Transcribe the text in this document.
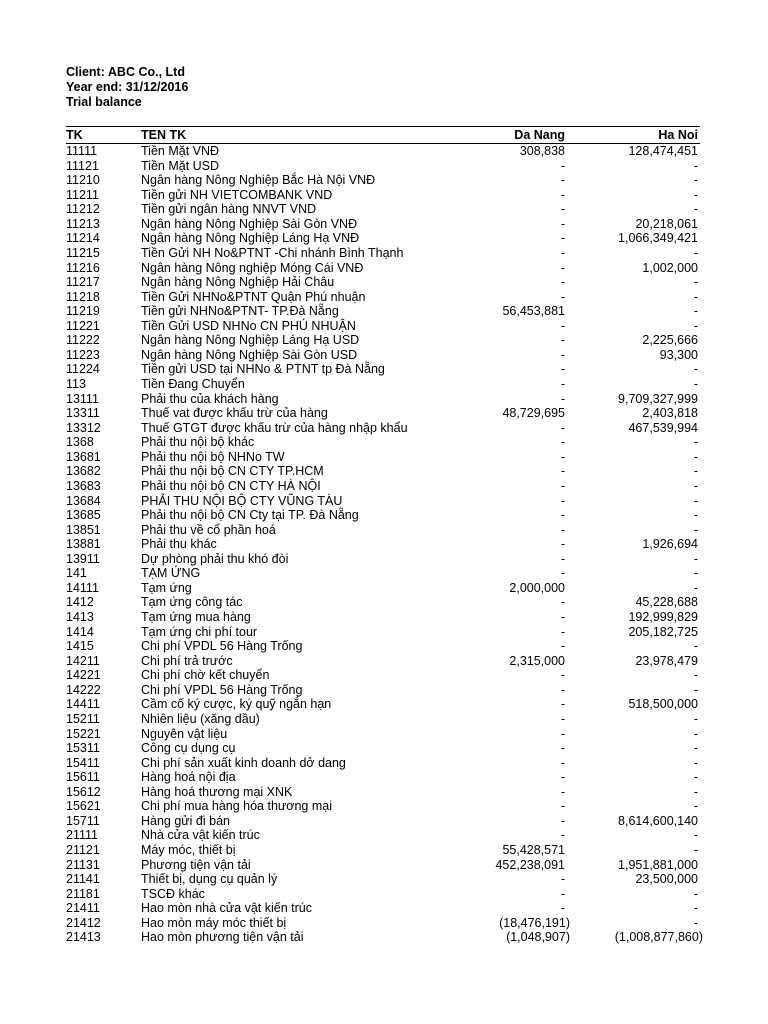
Client: ABC Co., Ltd
Year end: 31/12/2016
Trial balance
TK	TEN TK	Da Nang	Ha Noi
11111	Tiền Mặt VNĐ	308,838	128,474,451
11121	Tiền Mặt USD	-	-
11210	Ngân hàng Nông Nghiệp Bắc Hà Nội VNĐ	-	-
11211	Tiền gửi NH VIETCOMBANK VND	-	-
11212	Tiền gửi ngân hàng NNVT VND	-	-
11213	Ngân hàng Nông Nghiệp Sài Gòn VNĐ	-	20,218,061
11214	Ngân hàng Nông Nghiệp Láng Hạ VNĐ	-	1,066,349,421
11215	Tiền Gửi NH No&PTNT -Chi nhánh Bình Thạnh	-	-
11216	Ngân hàng Nông nghiệp Móng Cái VNĐ	-	1,002,000
11217	Ngân hàng Nông Nghiệp Hải Châu	-	-
11218	Tiền Gửi NHNo&PTNT Quận Phú nhuận	-	-
11219	Tiền gửi NHNo&PTNT- TP.Đà Nẵng	56,453,881	-
11221	Tiền Gửi USD NHNo CN PHÚ NHUẬN	-	-
11222	Ngân hàng Nông Nghiệp Láng Hạ USD	-	2,225,666
11223	Ngân hàng Nông Nghiệp Sài Gòn USD	-	93,300
11224	Tiền gửi USD tại NHNo & PTNT tp Đà Nẵng	-	-
113	Tiền Đang Chuyển	-	-
13111	Phải thu của khách hàng	-	9,709,327,999
13311	Thuế vat được khấu trừ của hàng	48,729,695	2,403,818
13312	Thuế GTGT được khấu trừ của hàng nhập khẩu	-	467,539,994
1368	Phải thu nội bộ khác	-	-
13681	Phải thu nội bộ NHNo TW	-	-
13682	Phải thu nội bộ CN CTY TP.HCM	-	-
13683	Phải thu nội bộ CN CTY HÀ NỘI	-	-
13684	PHẢI THU NỘI BỘ CTY VŨNG TÀU	-	-
13685	Phải thu nội bộ CN Cty tại TP. Đà Nẵng	-	-
13851	Phải thu về cổ phần hoá	-	-
13881	Phải thu khác	-	1,926,694
13911	Dự phòng phải thu khó đòi	-	-
141	TẠM ỨNG	-	-
14111	Tạm ứng	2,000,000	-
1412	Tạm ứng công tác	-	45,228,688
1413	Tạm ứng mua hàng	-	192,999,829
1414	Tạm ứng chi phí tour	-	205,182,725
1415	Chi phí VPDL 56 Hàng Trống	-	-
14211	Chi phí trả trước	2,315,000	23,978,479
14221	Chi phí chờ kết chuyển	-	-
14222	Chi phí VPDL 56 Hàng Trống	-	-
14411	Cầm cố ký cược, ký quỹ ngắn hạn	-	518,500,000
15211	Nhiên liệu (xăng dầu)	-	-
15221	Nguyên vật liệu	-	-
15311	Công cụ dụng cụ	-	-
15411	Chi phí sản xuất kinh doanh dở dang	-	-
15611	Hàng hoá nội địa	-	-
15612	Hàng hoá thương mại XNK	-	-
15621	Chi phí mua hàng hóa thương mại	-	-
15711	Hàng gửi đi bán	-	8,614,600,140
21111	Nhà cửa vật kiến trúc	-	-
21121	Máy móc, thiết bị	55,428,571	-
21131	Phương tiện vận tải	452,238,091	1,951,881,000
21141	Thiết bị, dụng cụ quản lý	-	23,500,000
21181	TSCĐ khác	-	-
21411	Hao mòn nhà cửa vật kiến trúc	-	-
21412	Hao mòn máy móc thiết bị	(18,476,191)	-
21413	Hao mòn phương tiện vận tải	(1,048,907)	(1,008,877,860)
